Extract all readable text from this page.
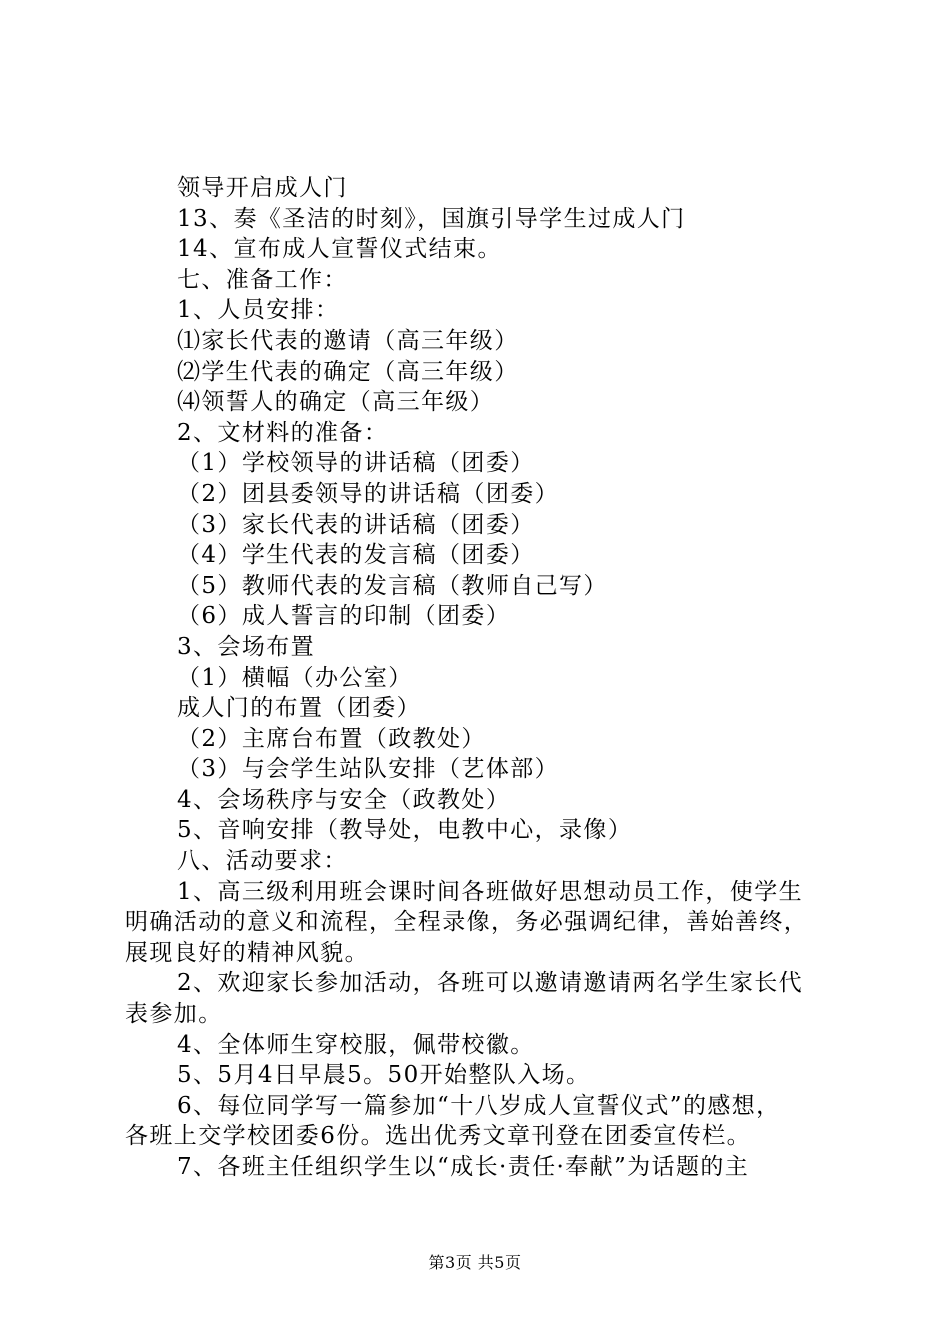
领导开启成人门
13、奏《圣洁的时刻》，国旗引导学生过成人门
14、宣布成人宣誓仪式结束。
七、准备工作：
1、人员安排：
⑴家长代表的邀请（高三年级）
⑵学生代表的确定（高三年级）
⑷领誓人的确定（高三年级）
2、文材料的准备：
（1）学校领导的讲话稿（团委）
（2）团县委领导的讲话稿（团委）
（3）家长代表的讲话稿（团委）
（4）学生代表的发言稿（团委）
（5）教师代表的发言稿（教师自己写）
（6）成人誓言的印制（团委）
3、会场布置
（1）横幅（办公室）
成人门的布置（团委）
（2）主席台布置（政教处）
（3）与会学生站队安排（艺体部）
4、会场秩序与安全（政教处）
5、音响安排（教导处，电教中心，录像）
八、活动要求：
1、高三级利用班会课时间各班做好思想动员工作，使学生
明确活动的意义和流程，全程录像，务必强调纪律，善始善终，
展现良好的精神风貌。
2、欢迎家长参加活动，各班可以邀请邀请两名学生家长代
表参加。
4、全体师生穿校服，佩带校徽。
5、5月4日早晨5。50开始整队入场。
6、每位同学写一篇参加“十八岁成人宣誓仪式”的感想，
各班上交学校团委6份。选出优秀文章刊登在团委宣传栏。
7、各班主任组织学生以“成长·责任·奉献”为话题的主
第3页 共5页
